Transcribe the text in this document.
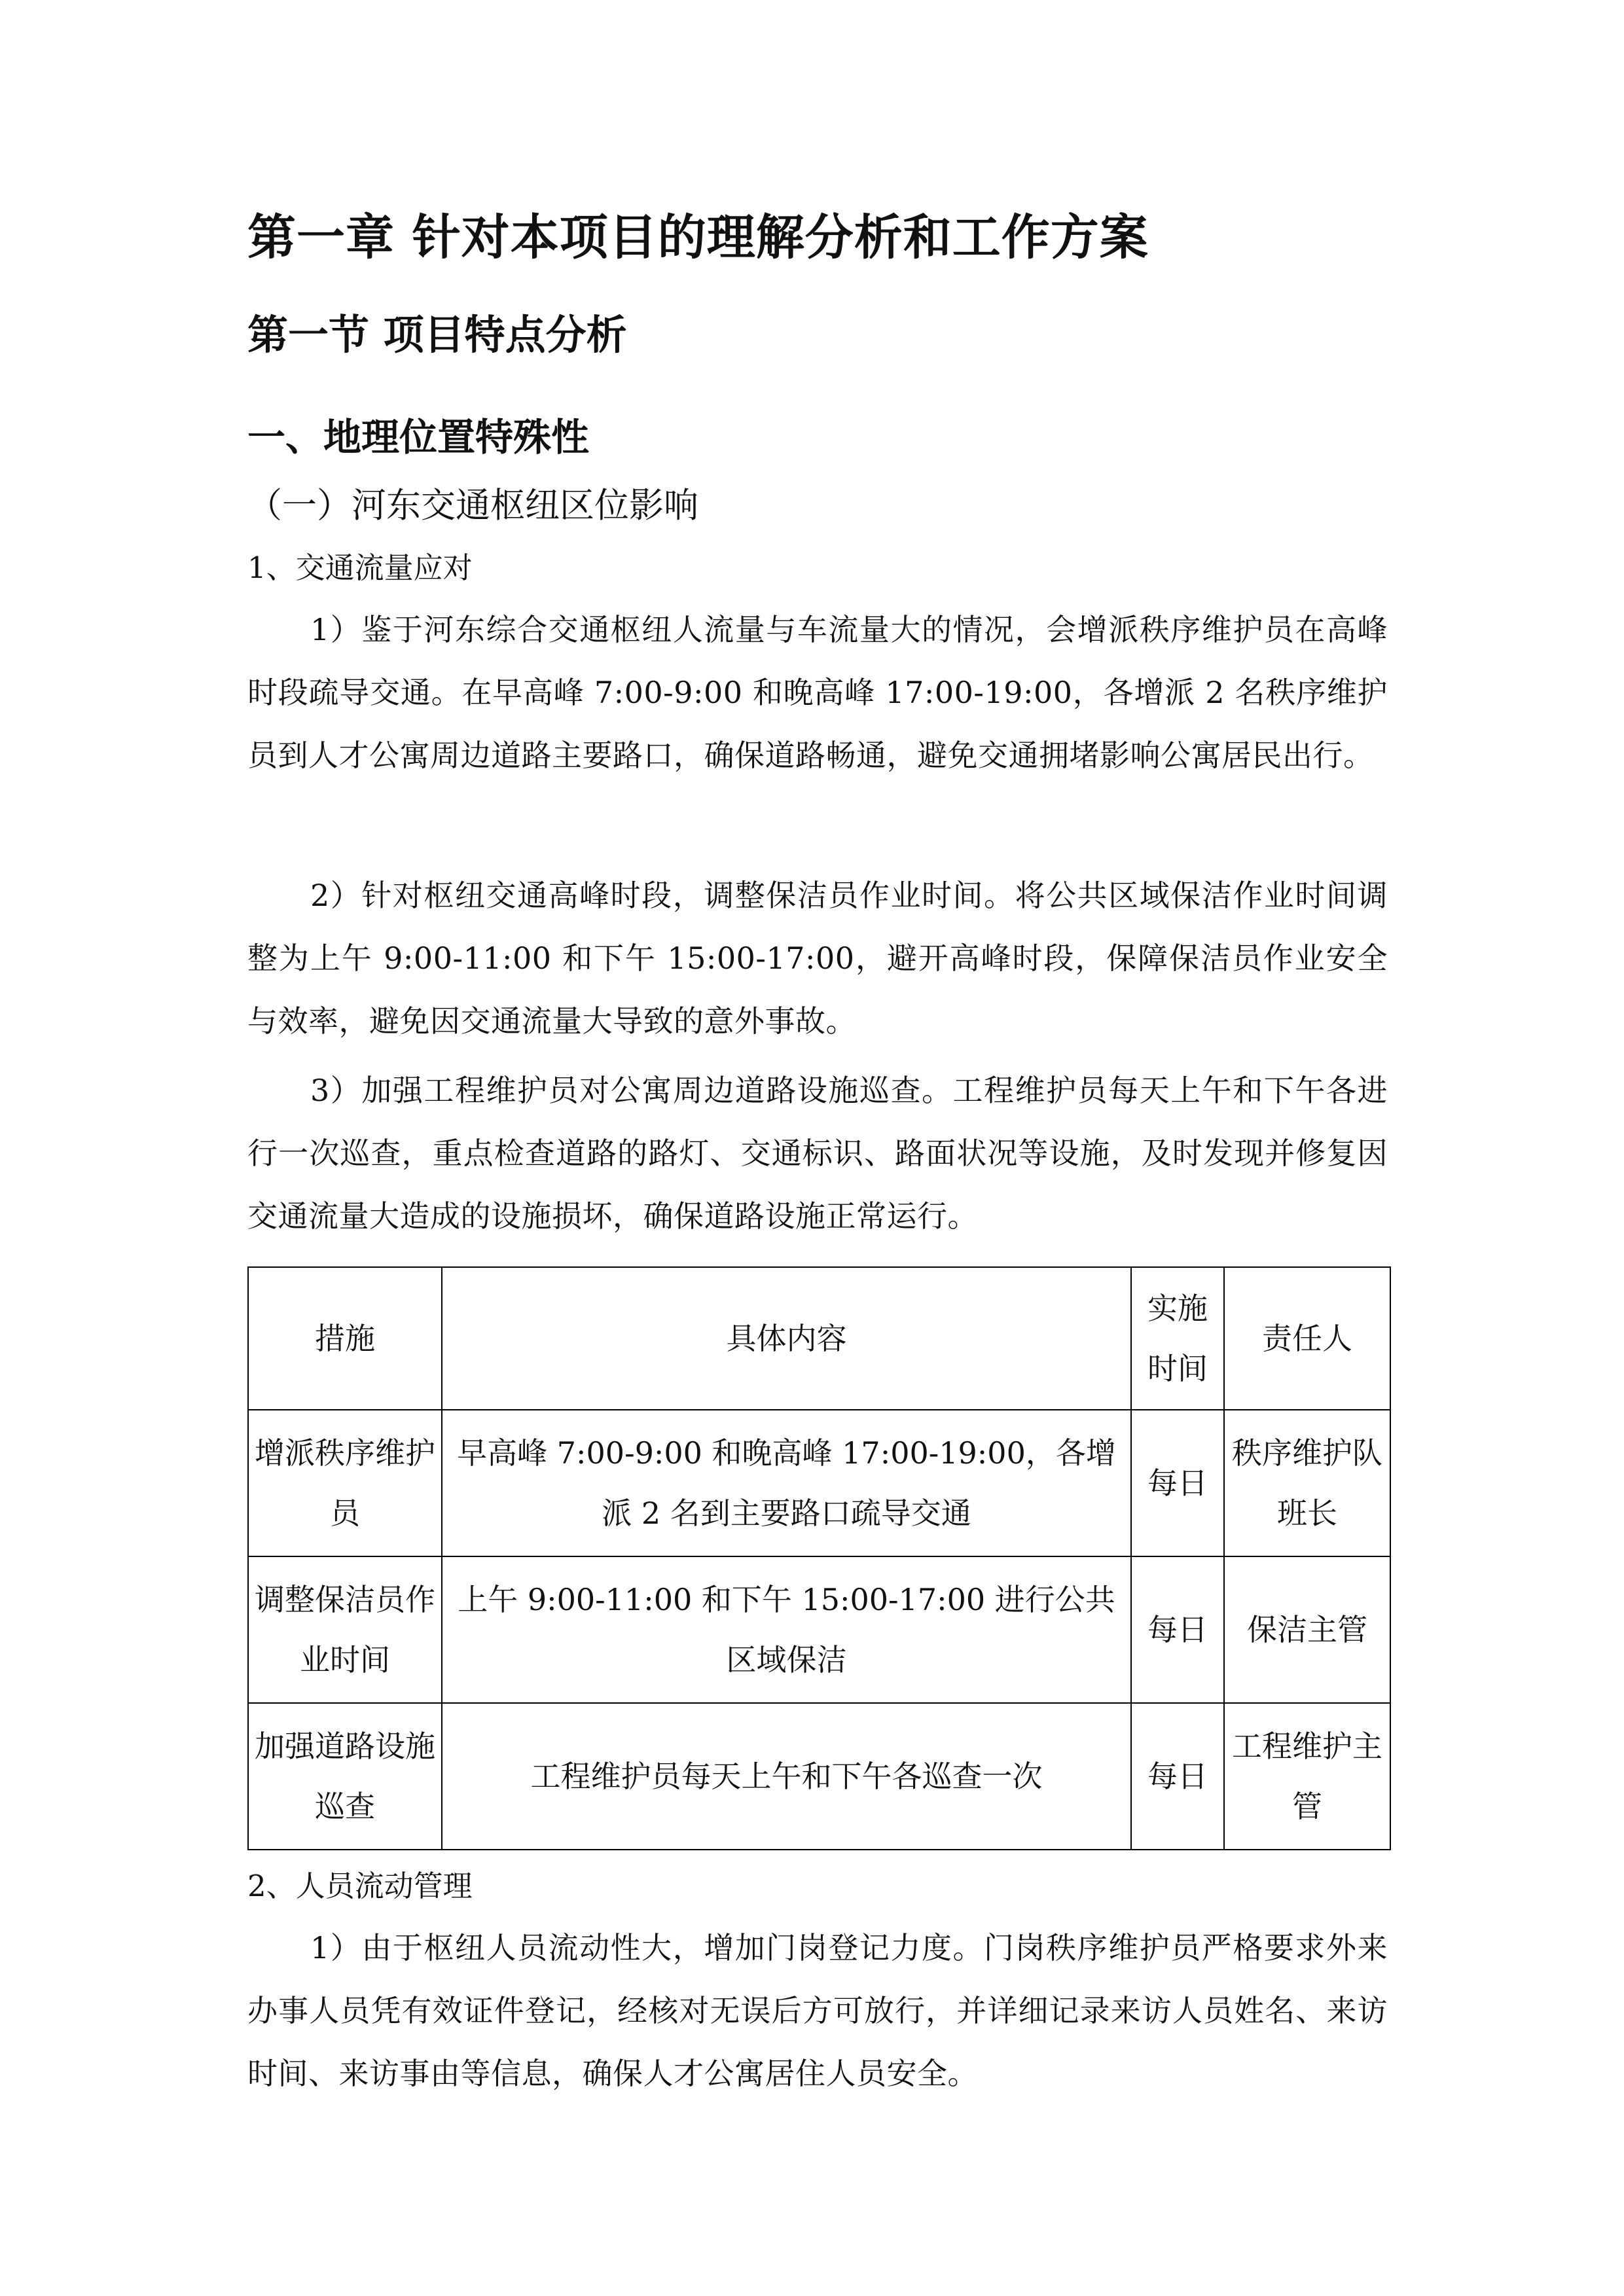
第一章 针对本项目的理解分析和工作方案
第一节 项目特点分析
一、地理位置特殊性
（一）河东交通枢纽区位影响
1、交通流量应对

1）鉴于河东综合交通枢纽人流量与车流量大的情况，会增派秩序维护员在高峰时段疏导交通。在早高峰 7:00-9:00 和晚高峰 17:00-19:00，各增派 2 名秩序维护员到人才公寓周边道路主要路口，确保道路畅通，避免交通拥堵影响公寓居民出行。

2）针对枢纽交通高峰时段，调整保洁员作业时间。将公共区域保洁作业时间调整为上午 9:00-11:00 和下午 15:00-17:00，避开高峰时段，保障保洁员作业安全与效率，避免因交通流量大导致的意外事故。

3）加强工程维护员对公寓周边道路设施巡查。工程维护员每天上午和下午各进行一次巡查，重点检查道路的路灯、交通标识、路面状况等设施，及时发现并修复因交通流量大造成的设施损坏，确保道路设施正常运行。

措施	具体内容	实施时间	责任人
增派秩序维护员	早高峰 7:00-9:00 和晚高峰 17:00-19:00，各增派 2 名到主要路口疏导交通	每日	秩序维护队班长
调整保洁员作业时间	上午 9:00-11:00 和下午 15:00-17:00 进行公共区域保洁	每日	保洁主管
加强道路设施巡查	工程维护员每天上午和下午各巡查一次	每日	工程维护主管
2、人员流动管理

1）由于枢纽人员流动性大，增加门岗登记力度。门岗秩序维护员严格要求外来办事人员凭有效证件登记，经核对无误后方可放行，并详细记录来访人员姓名、来访时间、来访事由等信息，确保人才公寓居住人员安全。
